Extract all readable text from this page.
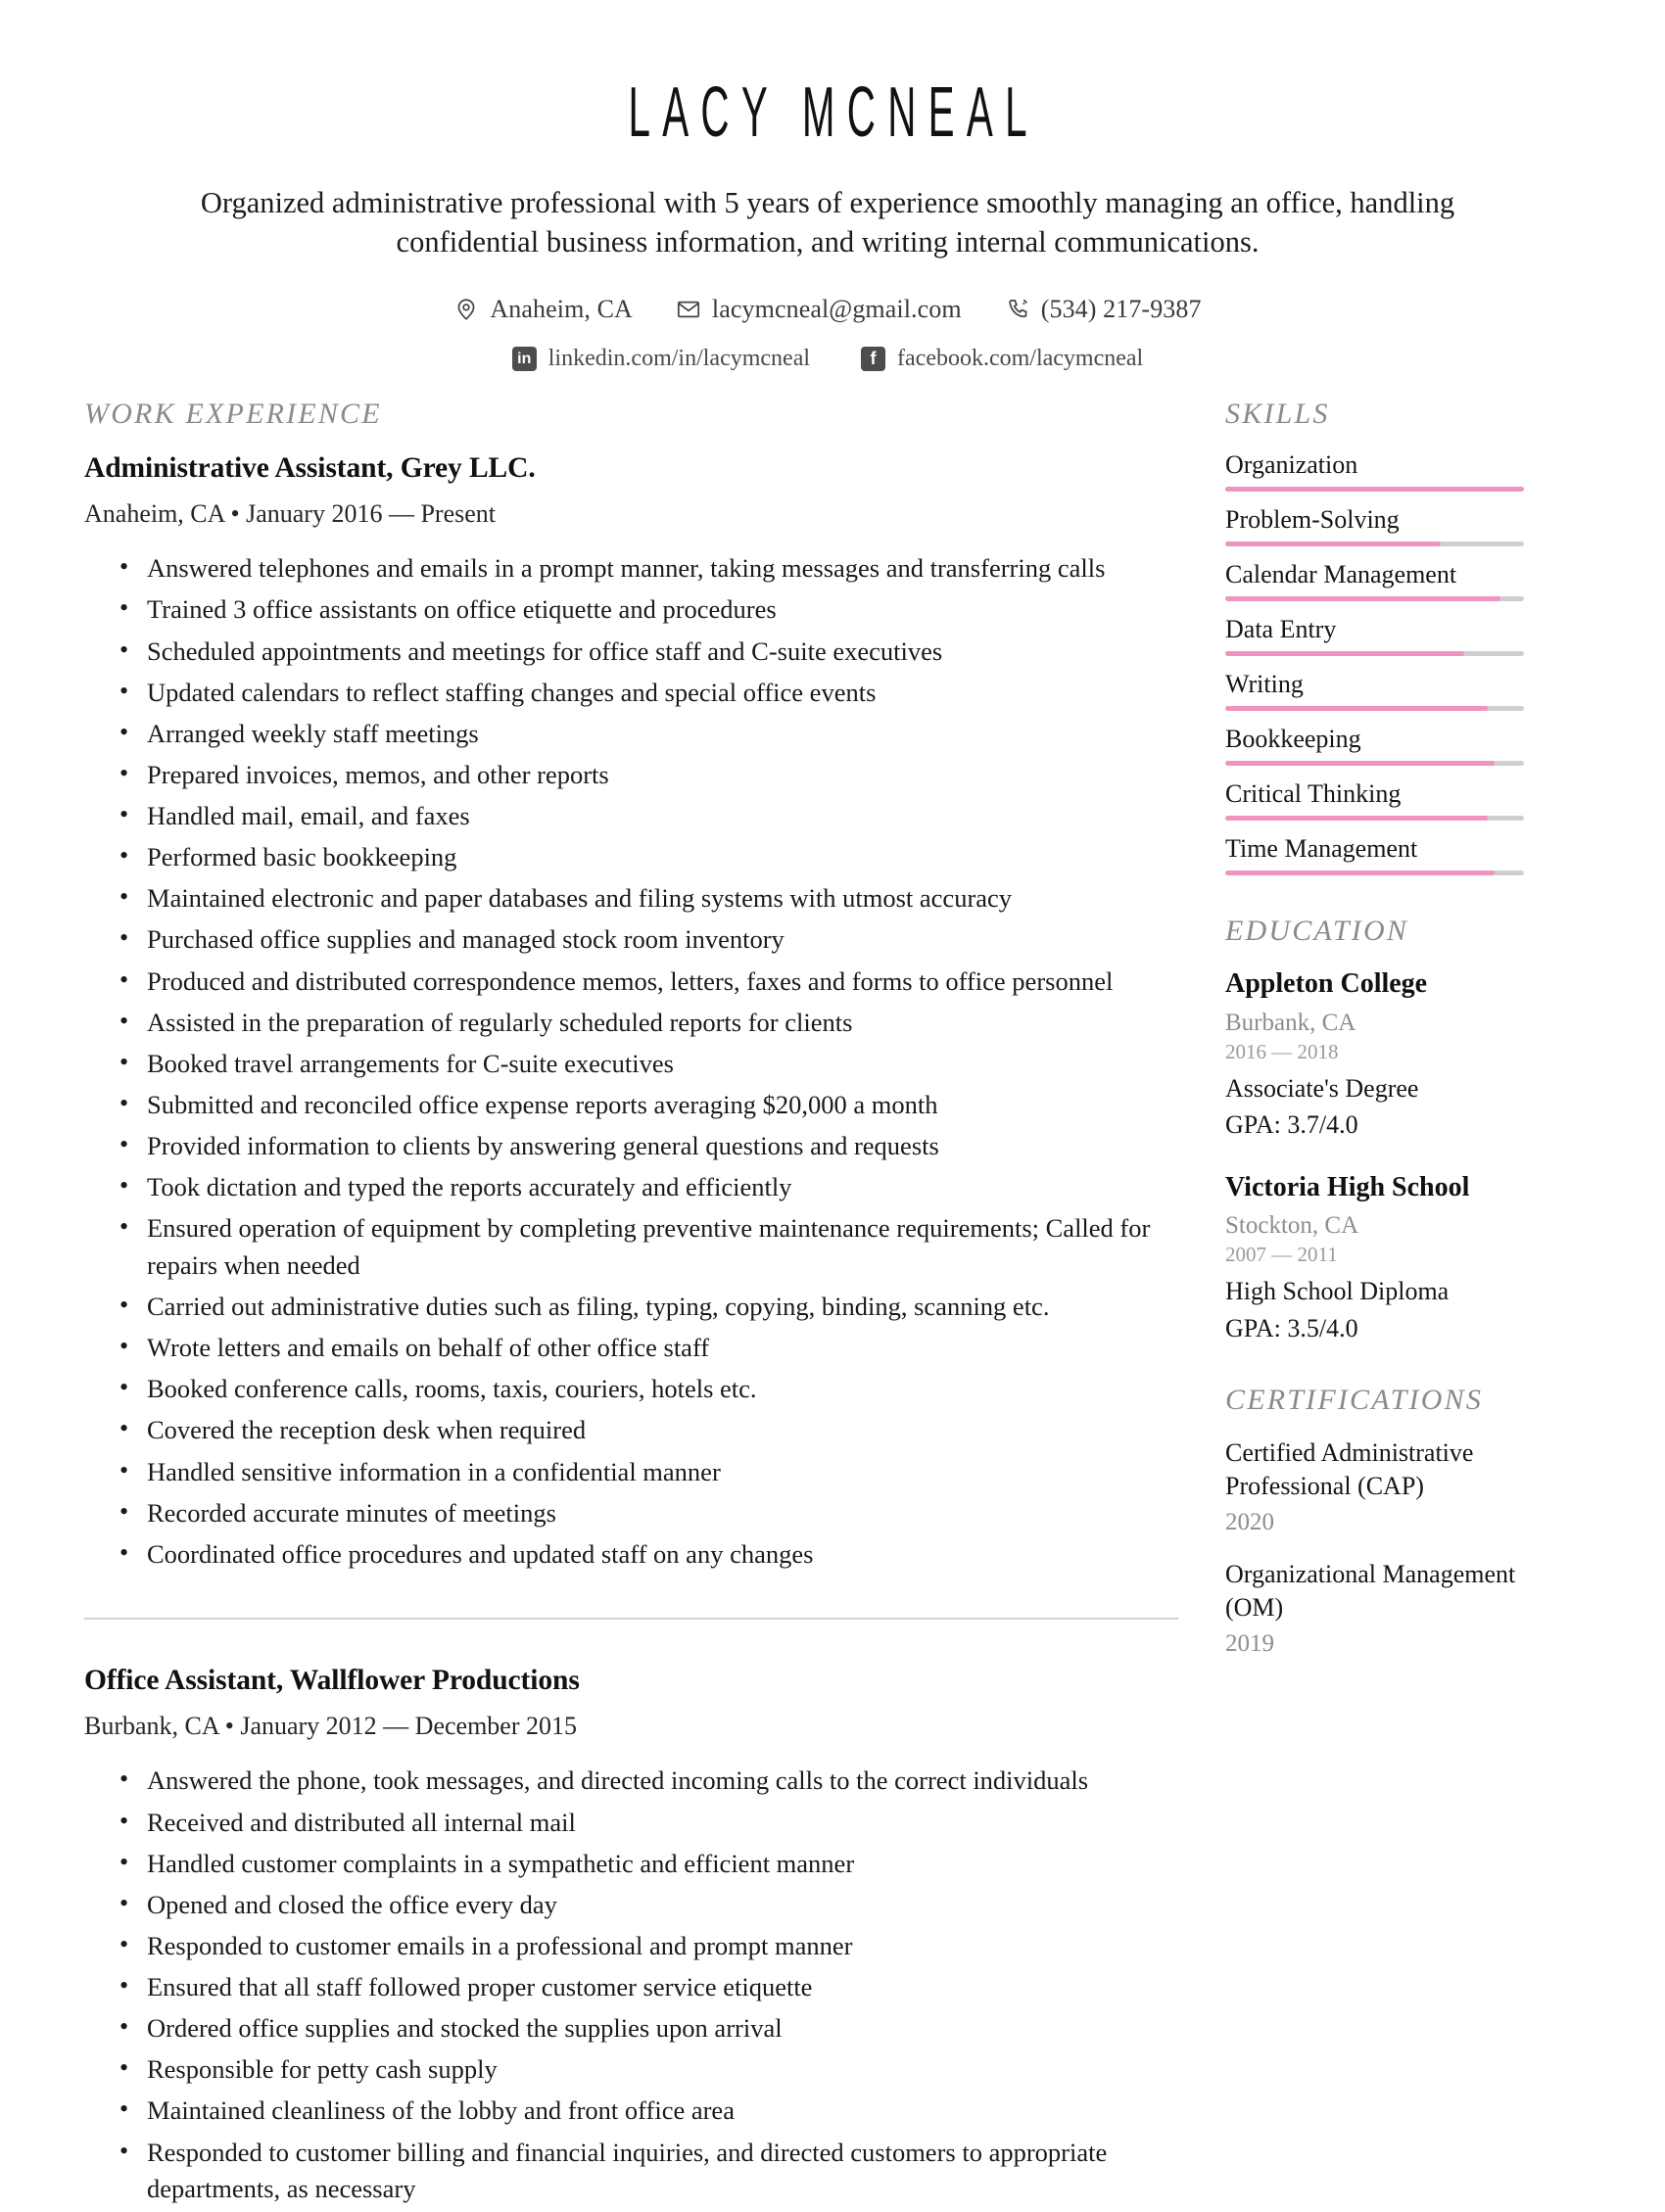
LACY MCNEAL
Organized administrative professional with 5 years of experience smoothly managing an office, handling confidential business information, and writing internal communications.
Anaheim, CA	lacymcneal@gmail.com	(534) 217-9387
in linkedin.com/in/lacymcneal	f facebook.com/lacymcneal
WORK EXPERIENCE
Administrative Assistant, Grey LLC.
Anaheim, CA • January 2016 — Present
• Answered telephones and emails in a prompt manner, taking messages and transferring calls
• Trained 3 office assistants on office etiquette and procedures
• Scheduled appointments and meetings for office staff and C-suite executives
• Updated calendars to reflect staffing changes and special office events
• Arranged weekly staff meetings
• Prepared invoices, memos, and other reports
• Handled mail, email, and faxes
• Performed basic bookkeeping
• Maintained electronic and paper databases and filing systems with utmost accuracy
• Purchased office supplies and managed stock room inventory
• Produced and distributed correspondence memos, letters, faxes and forms to office personnel
• Assisted in the preparation of regularly scheduled reports for clients
• Booked travel arrangements for C-suite executives
• Submitted and reconciled office expense reports averaging $20,000 a month
• Provided information to clients by answering general questions and requests
• Took dictation and typed the reports accurately and efficiently
• Ensured operation of equipment by completing preventive maintenance requirements; Called for repairs when needed
• Carried out administrative duties such as filing, typing, copying, binding, scanning etc.
• Wrote letters and emails on behalf of other office staff
• Booked conference calls, rooms, taxis, couriers, hotels etc.
• Covered the reception desk when required
• Handled sensitive information in a confidential manner
• Recorded accurate minutes of meetings
• Coordinated office procedures and updated staff on any changes
Office Assistant, Wallflower Productions
Burbank, CA • January 2012 — December 2015
• Answered the phone, took messages, and directed incoming calls to the correct individuals
• Received and distributed all internal mail
• Handled customer complaints in a sympathetic and efficient manner
• Opened and closed the office every day
• Responded to customer emails in a professional and prompt manner
• Ensured that all staff followed proper customer service etiquette
• Ordered office supplies and stocked the supplies upon arrival
• Responsible for petty cash supply
• Maintained cleanliness of the lobby and front office area
• Responded to customer billing and financial inquiries, and directed customers to appropriate departments, as necessary
SKILLS
Organization
Problem-Solving
Calendar Management
Data Entry
Writing
Bookkeeping
Critical Thinking
Time Management
EDUCATION
Appleton College
Burbank, CA
2016 — 2018
Associate's Degree
GPA: 3.7/4.0
Victoria High School
Stockton, CA
2007 — 2011
High School Diploma
GPA: 3.5/4.0
CERTIFICATIONS
Certified Administrative Professional (CAP)
2020
Organizational Management (OM)
2019
